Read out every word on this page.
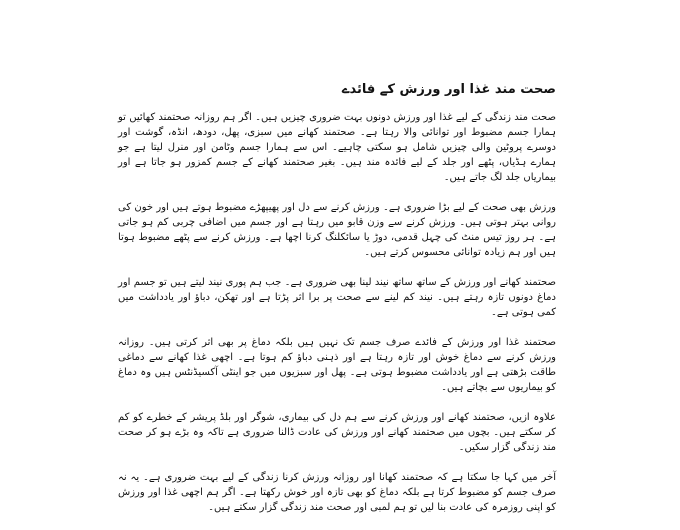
صحت مند غذا اور ورزش کے فائدے

صحت مند زندگی کے لیے غذا اور ورزش دونوں بہت ضروری چیزیں ہیں۔ اگر ہم روزانہ صحتمند کھائیں تو ہمارا جسم مضبوط اور توانائی والا رہتا ہے۔ صحتمند کھانے میں سبزی، پھل، دودھ، انڈہ، گوشت اور دوسرے پروٹین والی چیزیں شامل ہو سکتی چاہیے۔ اس سے ہمارا جسم وٹامن اور منرل لیتا ہے جو ہمارے ہڈیاں، پٹھے اور جلد کے لیے فائدہ مند ہیں۔ بغیر صحتمند کھانے کے جسم کمزور ہو جاتا ہے اور بیماریاں جلد لگ جاتے ہیں۔

ورزش بھی صحت کے لیے بڑا ضروری ہے۔ ورزش کرنے سے دل اور پھیپھڑے مضبوط ہوتے ہیں اور خون کی روانی بہتر ہوتی ہیں۔ ورزش کرنے سے وزن قابو میں رہتا ہے اور جسم میں اضافی چربی کم ہو جاتی ہے۔ ہر روز تیس منٹ کی چہل قدمی، دوڑ یا سائکلنگ کرنا اچھا ہے۔ ورزش کرنے سے پٹھے مضبوط ہوتا ہیں اور ہم زیادہ توانائی محسوس کرتے ہیں۔

صحتمند کھانے اور ورزش کے ساتھ ساتھ نیند لینا بھی ضروری ہے۔ جب ہم پوری نیند لیتے ہیں تو جسم اور دماغ دونوں تازہ رہتے ہیں۔ نیند کم لینے سے صحت پر برا اثر پڑتا ہے اور تھکن، دباؤ اور یادداشت میں کمی ہوتی ہے۔

صحتمند غذا اور ورزش کے فائدے صرف جسم تک نہیں ہیں بلکہ دماغ پر بھی اثر کرتی ہیں۔ روزانہ ورزش کرنے سے دماغ خوش اور تازہ رہتا ہے اور ذہنی دباؤ کم ہوتا ہے۔ اچھی غذا کھانے سے دماغی طاقت بڑھتی ہے اور یادداشت مضبوط ہوتی ہے۔ پھل اور سبزیوں میں جو اینٹی آکسیڈنٹس ہیں وہ دماغ کو بیماریوں سے بچاتے ہیں۔

علاوہ ازیں، صحتمند کھانے اور ورزش کرنے سے ہم دل کی بیماری، شوگر اور بلڈ پریشر کے خطرے کو کم کر سکتے ہیں۔ بچوں میں صحتمند کھانے اور ورزش کی عادت ڈالنا ضروری ہے تاکہ وہ بڑے ہو کر صحت مند زندگی گزار سکیں۔

آخر میں کہا جا سکتا ہے کہ صحتمند کھانا اور روزانہ ورزش کرنا زندگی کے لیے بہت ضروری ہے۔ یہ نہ صرف جسم کو مضبوط کرتا ہے بلکہ دماغ کو بھی تازہ اور خوش رکھتا ہے۔ اگر ہم اچھی غذا اور ورزش کو اپنی روزمرہ کی عادت بنا لیں تو ہم لمبی اور صحت مند زندگی گزار سکتے ہیں۔
